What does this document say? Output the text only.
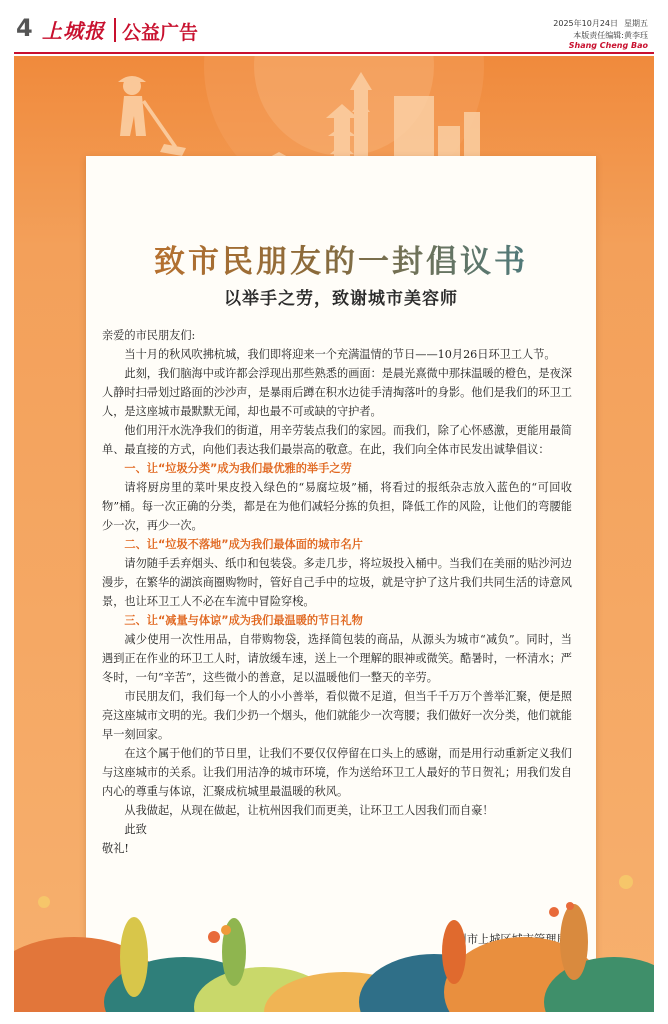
4 上城报 公益广告	2025年10月24日 星期五
本版责任编辑:黄李珏
Shang Cheng Bao
致市民朋友的一封倡议书
以举手之劳，致谢城市美容师

亲爱的市民朋友们:

当十月的秋风吹拂杭城，我们即将迎来一个充满温情的节日——10月26日环卫工人节。

此刻，我们脑海中或许都会浮现出那些熟悉的画面：是晨光熹微中那抹温暖的橙色，是夜深人静时扫帚划过路面的沙沙声，是暴雨后蹲在积水边徒手清掏落叶的身影。他们是我们的环卫工人，是这座城市最默默无闻，却也最不可或缺的守护者。

他们用汗水洗净我们的街道，用辛劳装点我们的家园。而我们，除了心怀感激，更能用最简单、最直接的方式，向他们表达我们最崇高的敬意。在此，我们向全体市民发出诚挚倡议：

一、让“垃圾分类”成为我们最优雅的举手之劳

请将厨房里的菜叶果皮投入绿色的“易腐垃圾”桶，将看过的报纸杂志放入蓝色的“可回收物”桶。每一次正确的分类，都是在为他们减轻分拣的负担，降低工作的风险，让他们的弯腰能少一次，再少一次。

二、让“垃圾不落地”成为我们最体面的城市名片

请勿随手丢弃烟头、纸巾和包装袋。多走几步，将垃圾投入桶中。当我们在美丽的贴沙河边漫步，在繁华的湖滨商圈购物时，管好自己手中的垃圾，就是守护了这片我们共同生活的诗意风景，也让环卫工人不必在车流中冒险穿梭。

三、让“减量与体谅”成为我们最温暖的节日礼物

减少使用一次性用品，自带购物袋，选择简包装的商品，从源头为城市“减负”。同时，当遇到正在作业的环卫工人时，请放缓车速，送上一个理解的眼神或微笑。酷暑时，一杯清水；严冬时，一句“辛苦”，这些微小的善意，足以温暖他们一整天的辛劳。

市民朋友们，我们每一个人的小小善举，看似微不足道，但当千千万万个善举汇聚，便是照亮这座城市文明的光。我们少扔一个烟头，他们就能少一次弯腰；我们做好一次分类，他们就能早一刻回家。

在这个属于他们的节日里，让我们不要仅仅停留在口头上的感谢，而是用行动重新定义我们与这座城市的关系。让我们用洁净的城市环境，作为送给环卫工人最好的节日贺礼；用我们发自内心的尊重与体谅，汇聚成杭城里最温暖的秋风。

从我做起，从现在做起，让杭州因我们而更美，让环卫工人因我们而自豪！

此致

敬礼!
